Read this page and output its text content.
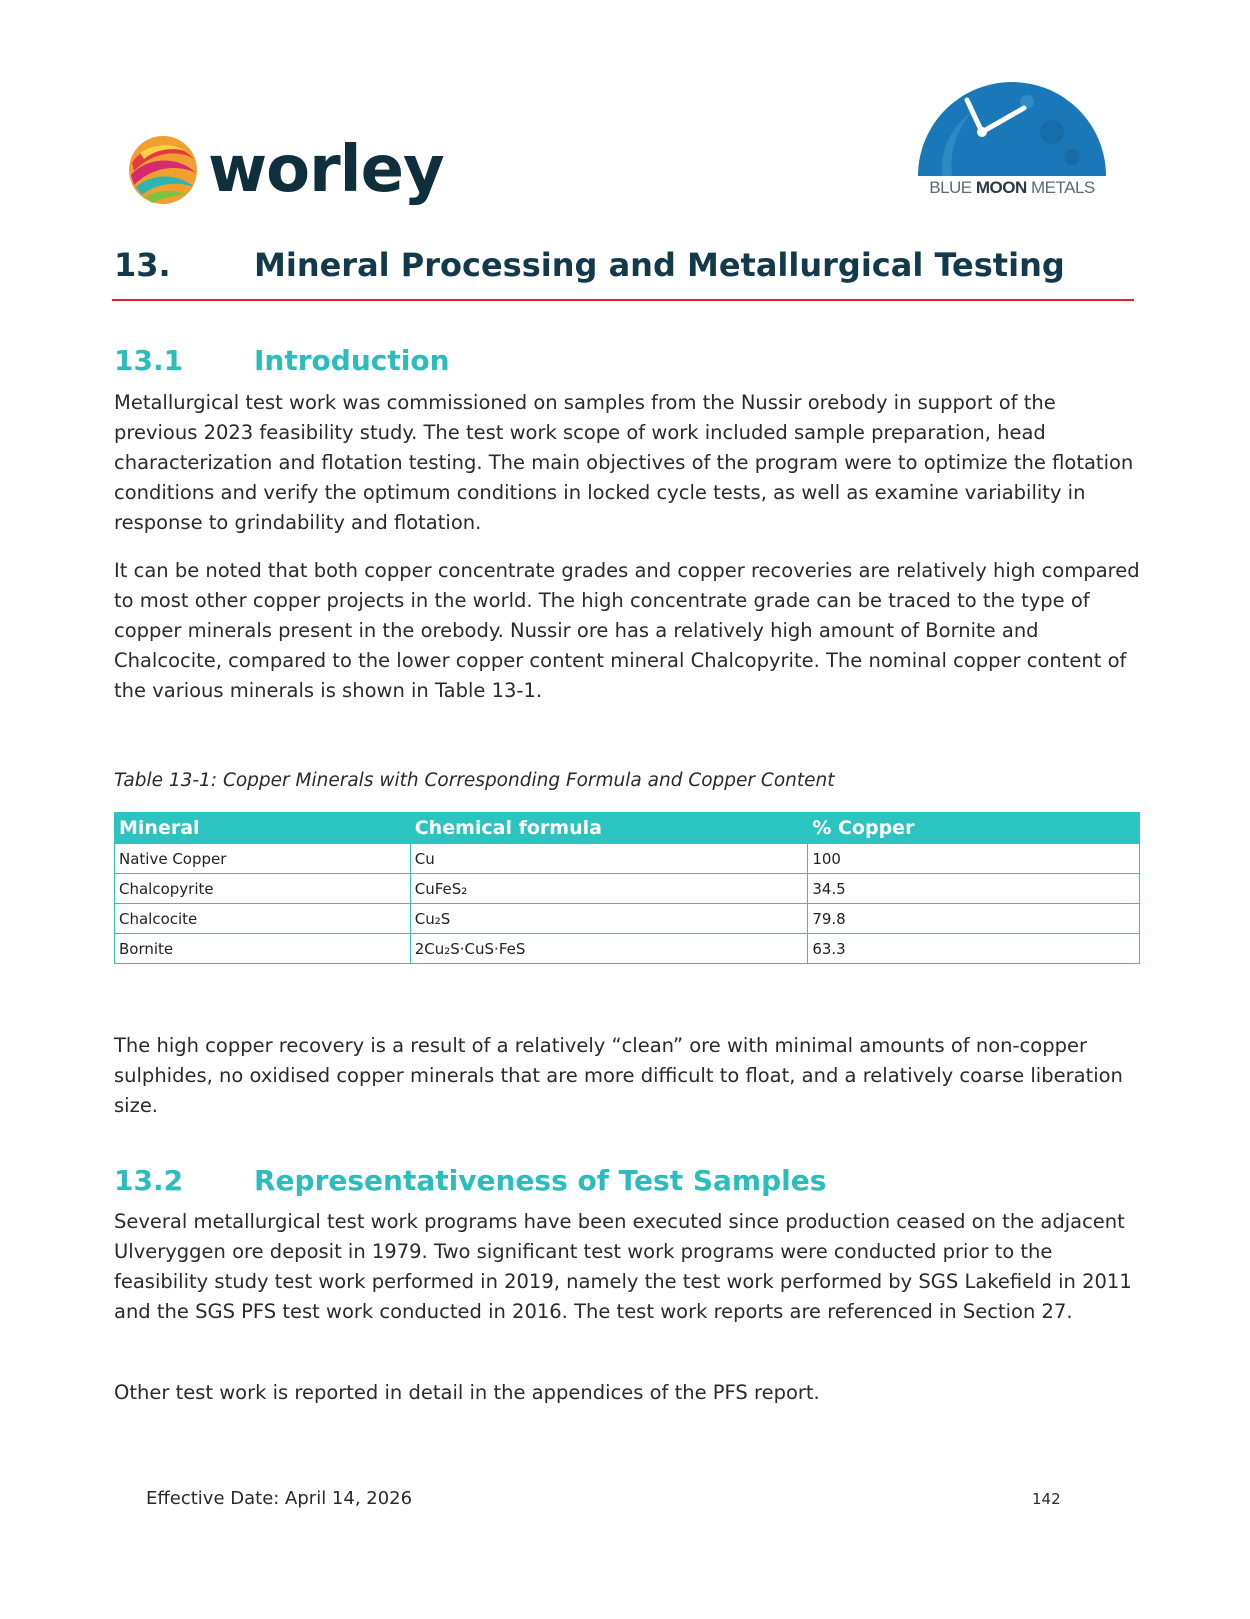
worley	BLUE MOON METALS
13.	Mineral Processing and Metallurgical Testing
13.1	Introduction

Metallurgical test work was commissioned on samples from the Nussir orebody in support of the previous 2023 feasibility study. The test work scope of work included sample preparation, head characterization and flotation testing. The main objectives of the program were to optimize the flotation conditions and verify the optimum conditions in locked cycle tests, as well as examine variability in response to grindability and flotation.

It can be noted that both copper concentrate grades and copper recoveries are relatively high compared to most other copper projects in the world. The high concentrate grade can be traced to the type of copper minerals present in the orebody. Nussir ore has a relatively high amount of Bornite and Chalcocite, compared to the lower copper content mineral Chalcopyrite. The nominal copper content of the various minerals is shown in Table 13-1.

Table 13-1: Copper Minerals with Corresponding Formula and Copper Content
Mineral	Chemical formula	% Copper
Native Copper	Cu	100
Chalcopyrite	CuFeS₂	34.5
Chalcocite	Cu₂S	79.8
Bornite	2Cu₂S·CuS·FeS	63.3

The high copper recovery is a result of a relatively “clean” ore with minimal amounts of non-copper sulphides, no oxidised copper minerals that are more difficult to float, and a relatively coarse liberation size.

13.2	Representativeness of Test Samples

Several metallurgical test work programs have been executed since production ceased on the adjacent Ulveryggen ore deposit in 1979. Two significant test work programs were conducted prior to the feasibility study test work performed in 2019, namely the test work performed by SGS Lakefield in 2011 and the SGS PFS test work conducted in 2016. The test work reports are referenced in Section 27.

Other test work is reported in detail in the appendices of the PFS report.

Effective Date: April 14, 2026	142
